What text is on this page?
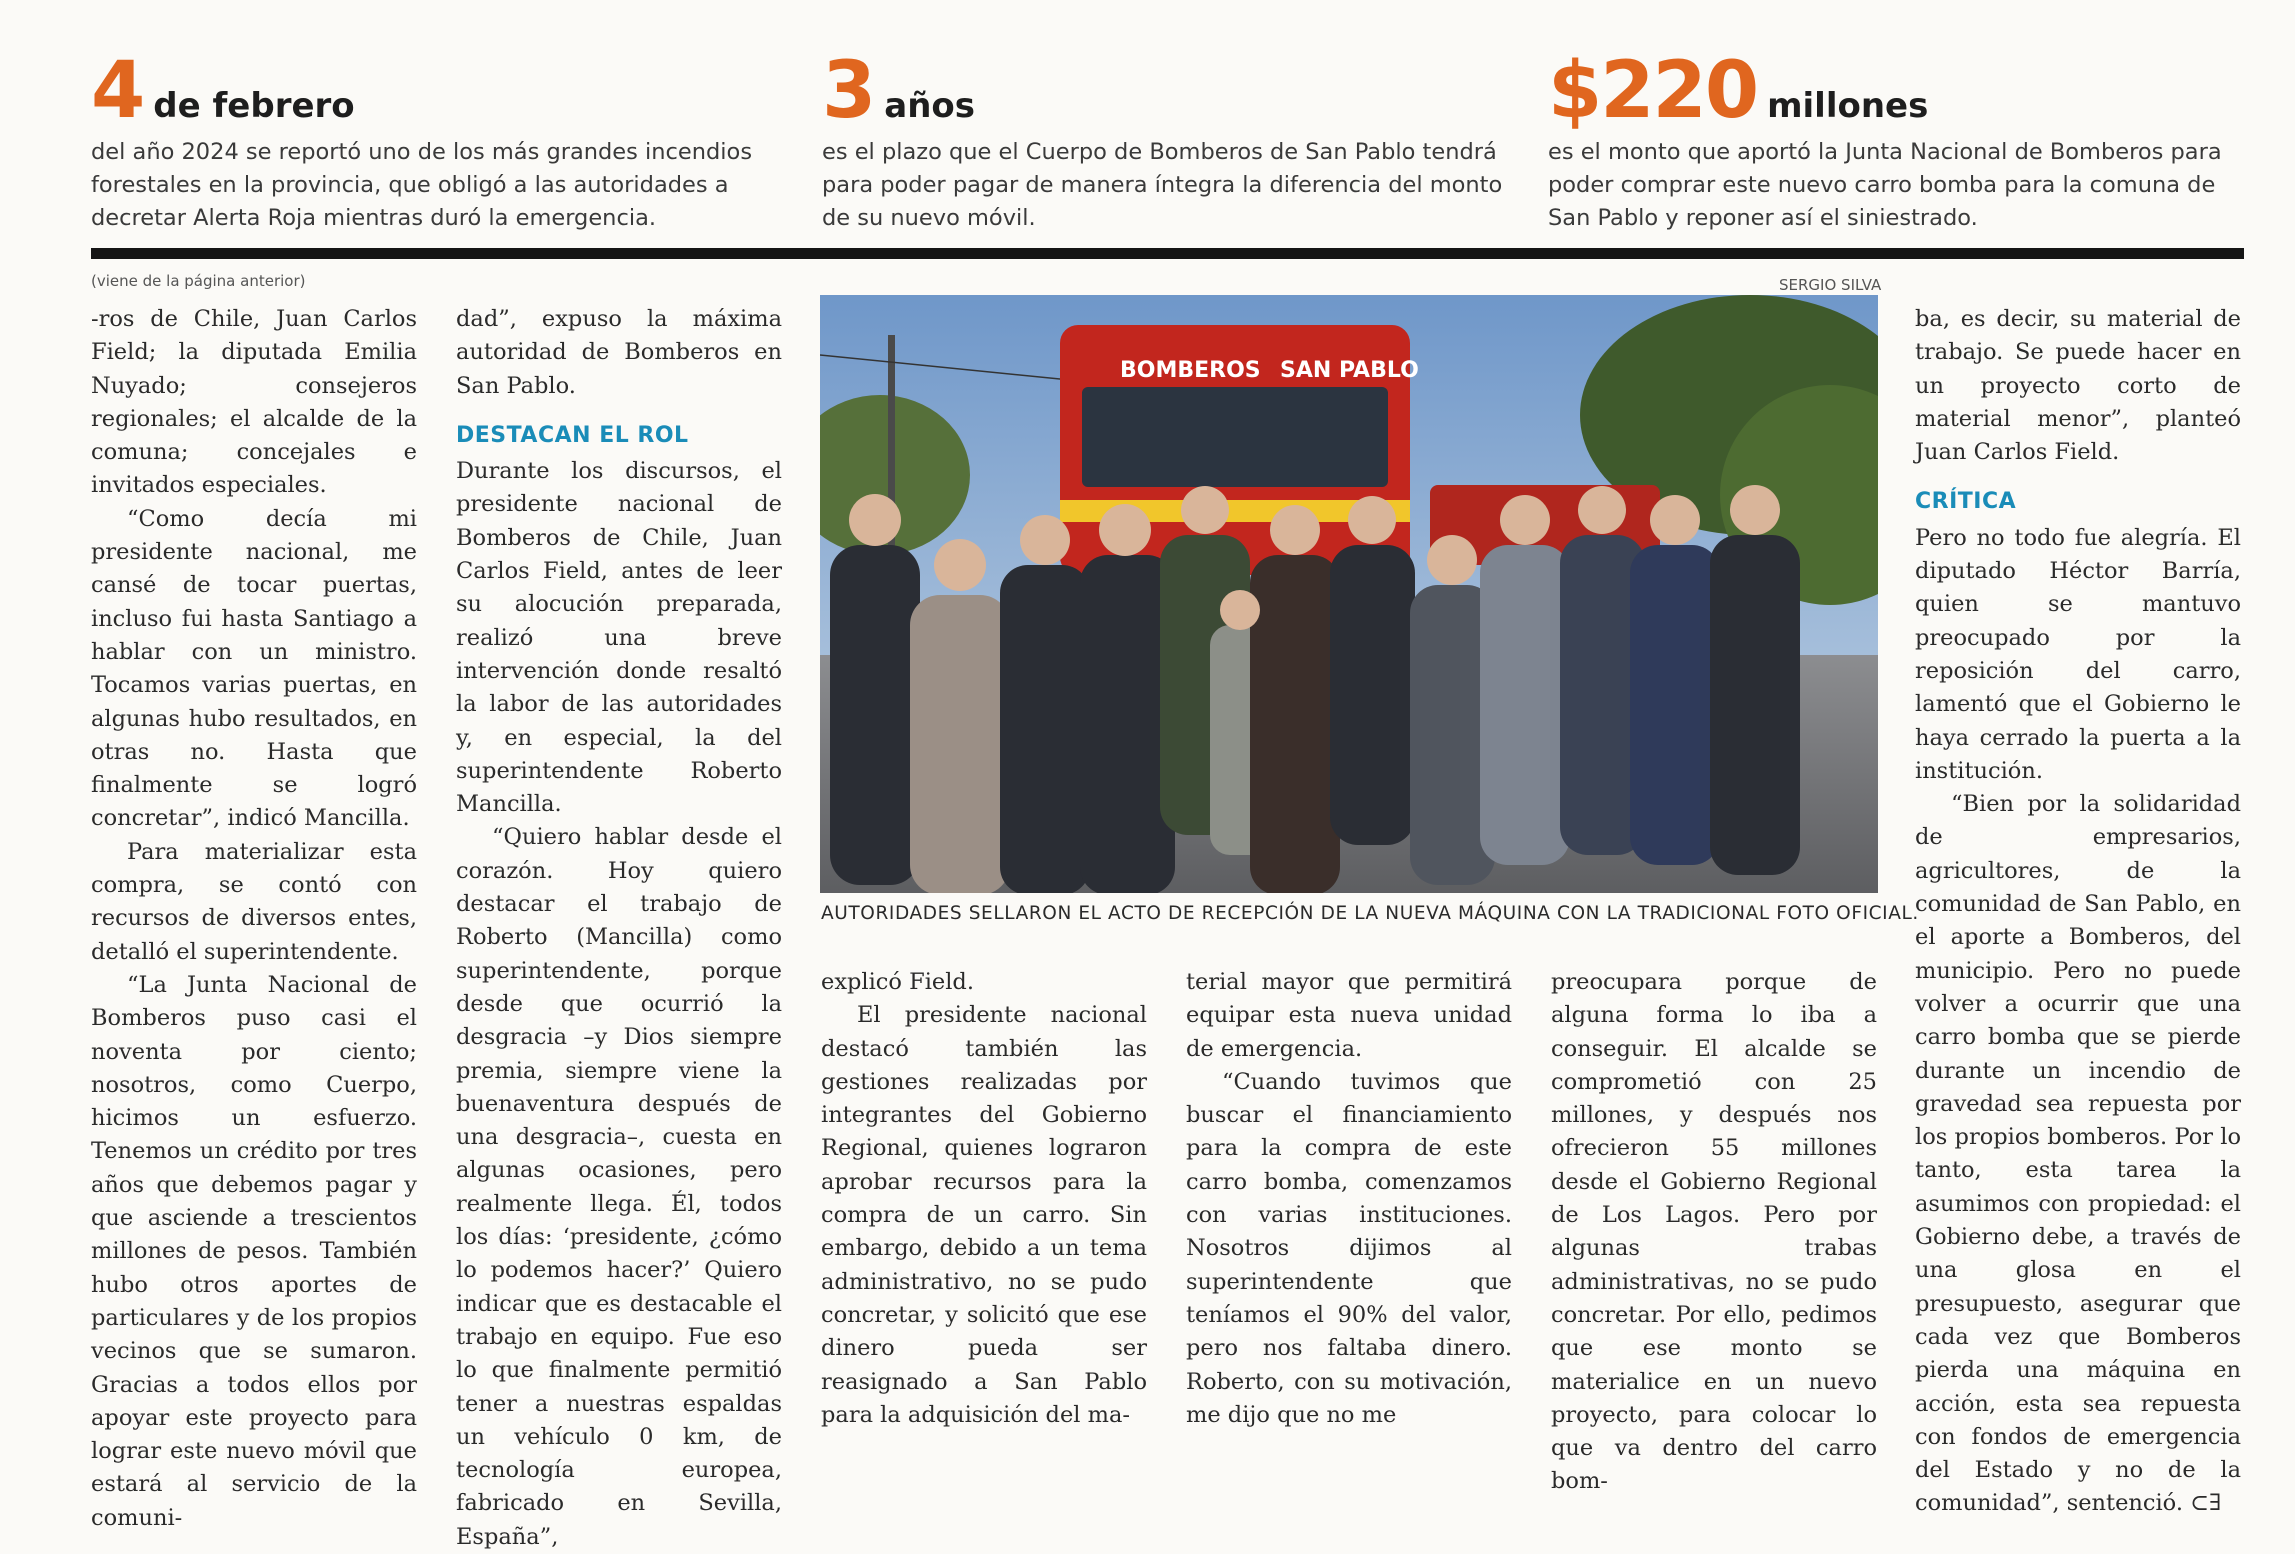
4 de febrero
del año 2024 se reportó uno de los más grandes incendios forestales en la provincia, que obligó a las autoridades a decretar Alerta Roja mientras duró la emergencia.
3 años
es el plazo que el Cuerpo de Bomberos de San Pablo tendrá para poder pagar de manera íntegra la diferencia del monto de su nuevo móvil.
$220 millones
es el monto que aportó la Junta Nacional de Bomberos para poder comprar este nuevo carro bomba para la comuna de San Pablo y reponer así el siniestrado.
(viene de la página anterior)	SERGIO SILVA

-ros de Chile, Juan Carlos Field; la diputada Emilia Nuyado; consejeros regionales; el alcalde de la comuna; concejales e invitados especiales.

“Como decía mi presidente nacional, me cansé de tocar puertas, incluso fui hasta Santiago a hablar con un ministro. Tocamos varias puertas, en algunas hubo resultados, en otras no. Hasta que finalmente se logró concretar”, indicó Mancilla.

Para materializar esta compra, se contó con recursos de diversos entes, detalló el superintendente.

“La Junta Nacional de Bomberos puso casi el noventa por ciento; nosotros, como Cuerpo, hicimos un esfuerzo. Tenemos un crédito por tres años que debemos pagar y que asciende a trescientos millones de pesos. También hubo otros aportes de particulares y de los propios vecinos que se sumaron. Gracias a todos ellos por apoyar este proyecto para lograr este nuevo móvil que estará al servicio de la comuni-

dad”, expuso la máxima autoridad de Bomberos en San Pablo.

DESTACAN EL ROL

Durante los discursos, el presidente nacional de Bomberos de Chile, Juan Carlos Field, antes de leer su alocución preparada, realizó una breve intervención donde resaltó la labor de las autoridades y, en especial, la del superintendente Roberto Mancilla.

“Quiero hablar desde el corazón. Hoy quiero destacar el trabajo de Roberto (Mancilla) como superintendente, porque desde que ocurrió la desgracia –y Dios siempre premia, siempre viene la buenaventura después de una desgracia–, cuesta en algunas ocasiones, pero realmente llega. Él, todos los días: ‘presidente, ¿cómo lo podemos hacer?’ Quiero indicar que es destacable el trabajo en equipo. Fue eso lo que finalmente permitió tener a nuestras espaldas un vehículo 0 km, de tecnología europea, fabricado en Sevilla, España”,

BOMBEROS SAN PABLO
AUTORIDADES SELLARON EL ACTO DE RECEPCIÓN DE LA NUEVA MÁQUINA CON LA TRADICIONAL FOTO OFICIAL.

explicó Field.

El presidente nacional destacó también las gestiones realizadas por integrantes del Gobierno Regional, quienes lograron aprobar recursos para la compra de un carro. Sin embargo, debido a un tema administrativo, no se pudo concretar, y solicitó que ese dinero pueda ser reasignado a San Pablo para la adquisición del ma-

terial mayor que permitirá equipar esta nueva unidad de emergencia.

“Cuando tuvimos que buscar el financiamiento para la compra de este carro bomba, comenzamos con varias instituciones. Nosotros dijimos al superintendente que teníamos el 90% del valor, pero nos faltaba dinero. Roberto, con su motivación, me dijo que no me

preocupara porque de alguna forma lo iba a conseguir. El alcalde se comprometió con 25 millones, y después nos ofrecieron 55 millones desde el Gobierno Regional de Los Lagos. Pero por algunas trabas administrativas, no se pudo concretar. Por ello, pedimos que ese monto se materialice en un nuevo proyecto, para colocar lo que va dentro del carro bom-

ba, es decir, su material de trabajo. Se puede hacer en un proyecto corto de material menor”, planteó Juan Carlos Field.

CRÍTICA

Pero no todo fue alegría. El diputado Héctor Barría, quien se mantuvo preocupado por la reposición del carro, lamentó que el Gobierno le haya cerrado la puerta a la institución.

“Bien por la solidaridad de empresarios, agricultores, de la comunidad de San Pablo, en el aporte a Bomberos, del municipio. Pero no puede volver a ocurrir que una carro bomba que se pierde durante un incendio de gravedad sea repuesta por los propios bomberos. Por lo tanto, esta tarea la asumimos con propiedad: el Gobierno debe, a través de una glosa en el presupuesto, asegurar que cada vez que Bomberos pierda una máquina en acción, esta sea repuesta con fondos de emergencia del Estado y no de la comunidad”, sentenció. ⊂∃
